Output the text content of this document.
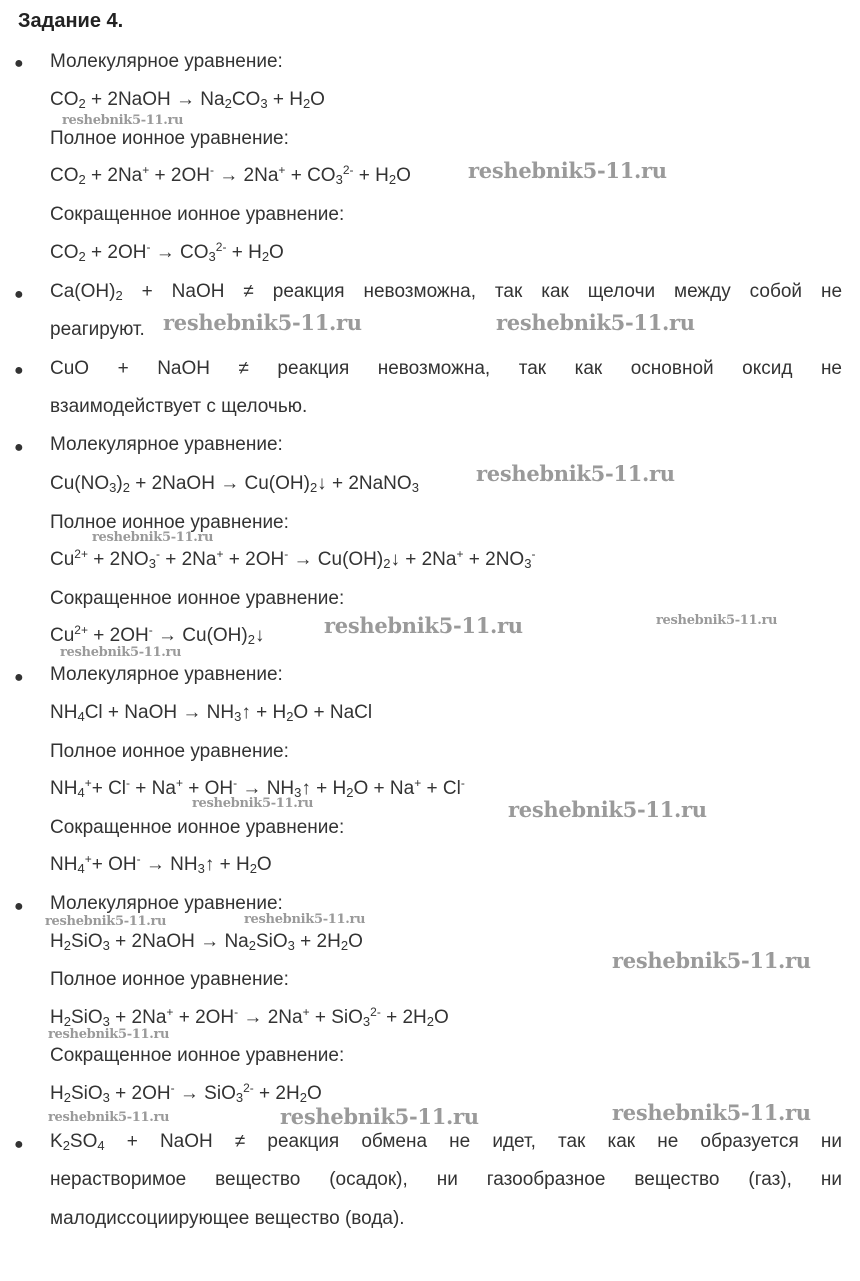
Задание 4.
● Молекулярное уравнение:
$CO_2$ + 2NaOH → $Na_2CO_3 + H_2O$
Полное ионное уравнение:
$CO_2 + 2Na^+ + 2OH^- \to 2Na^+ + CO_3^{2-} + H_2O$
Сокращенное ионное уравнение:
$CO_2 + 2OH^- \to CO_3^{2-} + H_2O$
● $Ca(OH)_2$ + NaOH ≠ реакция невозможна, так как щелочи между собой не
реагируют.
● CuO + NaOH ≠ реакция невозможна, так как основной оксид не
взаимодействует с щелочью.
● Молекулярное уравнение:
$Cu(NO_3)_2$ + 2NaOH → $Cu(OH)_2↓$ + 2NaNO$_3$
Полное ионное уравнение:
$Cu^{2+} + 2NO_3^- + 2Na^+ + 2OH^-$ → $Cu(OH)_2↓ + 2Na^+ + 2NO_3^-$
Сокращенное ионное уравнение:
$Cu^{2+} + 2OH^-$ → $Cu(OH)_2↓$
● Молекулярное уравнение:
$NH_4Cl$ + NaOH → $NH_3↑ + H_2O$ + NaCl
Полное ионное уравнение:
$NH_4^++ Cl^- + Na^+ + OH^-$ → $NH_3↑ + H_2O + Na^+ + Cl^-$
Сокращенное ионное уравнение:
$NH_4^++ OH^-$ → $NH_3↑ + H_2O$
● Молекулярное уравнение:
$H_2SiO_3$ + 2NaOH → $Na_2SiO_3 + 2H_2O$
Полное ионное уравнение:
$H_2SiO_3 + 2Na^+ + 2OH^- \to 2Na^+ + SiO_3^{2-} + 2H_2O$
Сокращенное ионное уравнение:
$H_2SiO_3 + 2OH^- \to SiO_3^{2-} + 2H_2O$
● $K_2SO_4$ + NaOH ≠ реакция обмена не идет, так как не образуется ни
нерастворимое вещество (осадок), ни газообразное вещество (газ), ни
малодиссоциирующее вещество (вода).
reshebnik5-11.ru
reshebnik5-11.ru
reshebnik5-11.ru	reshebnik5-11.ru
reshebnik5-11.ru
reshebnik5-11.ru
reshebnik5-11.ru	reshebnik5-11.ru
reshebnik5-11.ru
reshebnik5-11.ru	reshebnik5-11.ru
reshebnik5-11.ru	reshebnik5-11.ru
reshebnik5-11.ru
reshebnik5-11.ru
reshebnik5-11.ru	reshebnik5-11.ru	reshebnik5-11.ru
